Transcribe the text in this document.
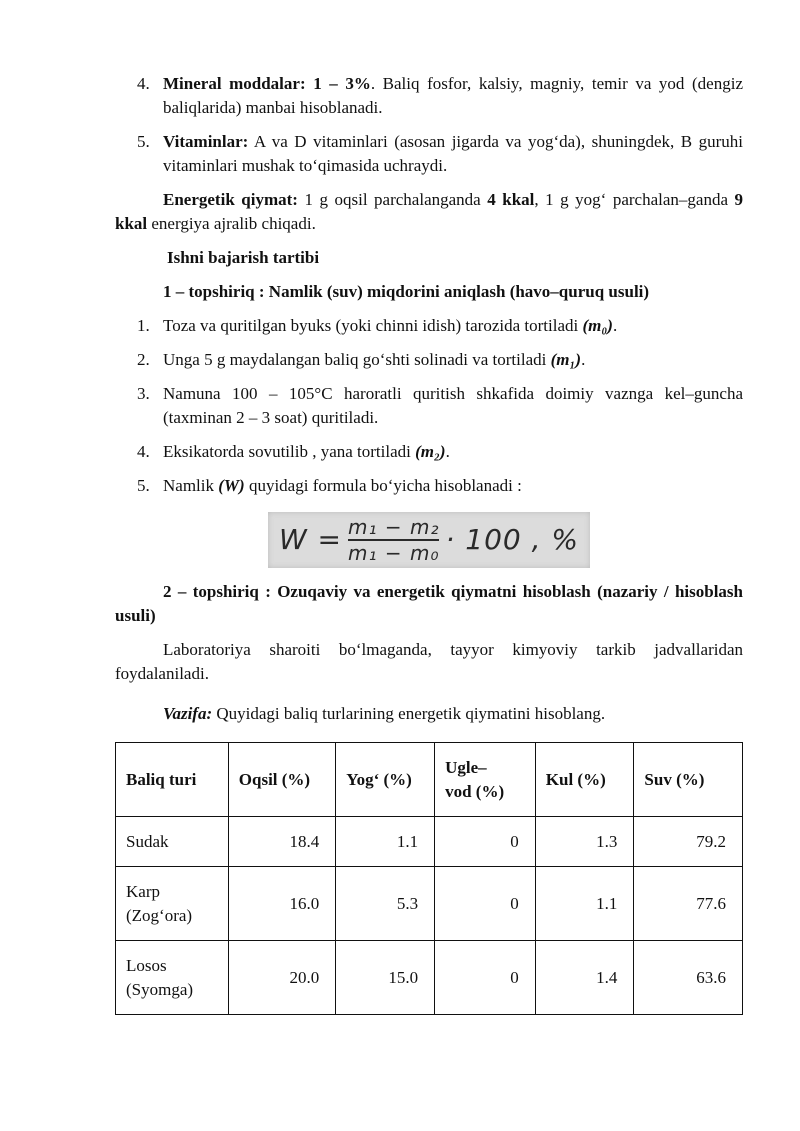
4. Mineral moddalar: 1 – 3%. Baliq fosfor, kalsiy, magniy, temir va yod (dengiz baliqlarida) manbai hisoblanadi.
5. Vitaminlar: A va D vitaminlari (asosan jigarda va yog‘da), shuningdek, B guruhi vitaminlari mushak to‘qimasida uchraydi.

Energetik qiymat: 1 g oqsil parchalanganda 4 kkal, 1 g yog‘ parchalan–ganda 9 kkal energiya ajralib chiqadi.

Ishni bajarish tartibi

1 – topshiriq : Namlik (suv) miqdorini aniqlash (havo–quruq usuli)

1. Toza va quritilgan byuks (yoki chinni idish) tarozida tortiladi (m₀).
2. Unga 5 g maydalangan baliq go‘shti solinadi va tortiladi (m₁).
3. Namuna 100 – 105°C haroratli quritish shkafida doimiy vaznga kel–guncha (taxminan 2 – 3 soat) quritiladi.
4. Eksikatorda sovutilib , yana tortiladi (m₂).
5. Namlik (W) quyidagi formula bo‘yicha hisoblanadi :
$W = \frac{\text{m₁ − m₂}}{\text{m₁ − m₀}} \cdot 100$ , %

2 – topshiriq : Ozuqaviy va energetik qiymatni hisoblash (nazariy / hisoblash usuli)

Laboratoriya sharoiti bo‘lmaganda, tayyor kimyoviy tarkib jadvallaridan foydalaniladi.

Vazifa: Quyidagi baliq turlarining energetik qiymatini hisoblang.

Baliq turi	Oqsil (%)	Yog‘ (%)	Ugle–
vod (%)	Kul (%)	Suv (%)
Sudak	18.4	1.1	0	1.3	79.2
Karp
(Zog‘ora)	16.0	5.3	0	1.1	77.6
Losos
(Syomga)	20.0	15.0	0	1.4	63.6
